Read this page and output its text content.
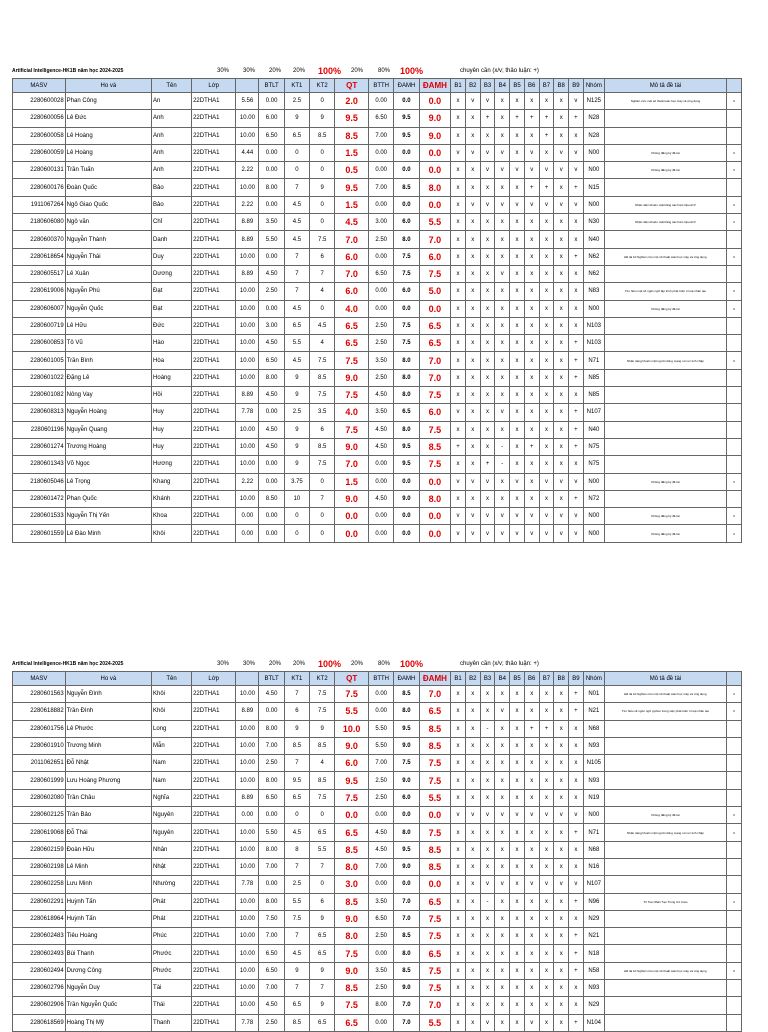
Artificial Intelligence-HK1B năm học 2024-2025	30% 30% 20% 20% 100% 20% 80% 100%	chuyên cần (x/v; thảo luận: +)
MASV	Ho và	Tên	Lớp		BTLT	KT1	KT2	QT	BTTH	ĐAMH	ĐAMH	B1	B2	B3	B4	B5	B6	B7	B8	B9	Nhóm	Mô tả đề tài	
2280600028	Phan Công	An	22DTHA1	5.56	0.00	2.5	0	2.0	0.00	0.0	0.0	x	v	v	x	x	x	x	x	v	N125	Nghiên cứu một số thuật toán học máy và ứng dụng	0
2280600056	Lê Đức	Anh	22DTHA1	10.00	6.00	9	9	9.5	6.50	9.5	9.0	x	x	+	x	+	+	+	x	+	N28		
2280600058	Lê Hoàng	Anh	22DTHA1	10.00	6.50	6.5	8.5	8.5	7.00	9.5	9.0	x	x	x	x	x	x	+	x	x	N28		
2280600059	Lê Hoàng	Anh	22DTHA1	4.44	0.00	0	0	1.5	0.00	0.0	0.0	v	v	v	v	x	v	x	v	v	N00	Không đăng ký đề tài	0
2280600131	Trần Tuấn	Anh	22DTHA1	2.22	0.00	0	0	0.5	0.00	0.0	0.0	x	x	v	v	v	v	v	v	v	N00	Không đăng ký đề tài	0
2280600176	Đoàn Quốc	Bảo	22DTHA1	10.00	8.00	7	9	9.5	7.00	8.5	8.0	x	x	x	x	x	+	+	x	+	N15		
1911067264	Ngô Giao Quốc	Bảo	22DTHA1	2.22	0.00	4.5	0	1.5	0.00	0.0	0.0	x	v	v	v	v	v	v	v	v	N00	Nhận diện khuôn mặt bằng các hàm OpenCV	0
2180606080	Ngô văn	Chỉ	22DTHA1	8.89	3.50	4.5	0	4.5	3.00	6.0	5.5	x	x	x	x	x	x	x	x	x	N30	Nhận diện khuôn mặt bằng các hàm OpenCV	0
2280600370	Nguyễn Thành	Danh	22DTHA1	8.89	5.50	4.5	7.5	7.0	2.50	8.0	7.0	x	x	x	x	x	x	x	x	x	N40		
2280618654	Nguyễn Thái	Duy	22DTHA1	10.00	0.00	7	6	6.0	0.00	7.5	6.0	x	x	x	x	x	x	x	x	+	N62	Đề tài 10 Nghiên cứu một số thuật toán học máy và ứng dụng	0
2280605517	Lê Xuân	Dương	22DTHA1	8.89	4.50	7	7	7.0	6.50	7.5	7.5	x	x	x	v	x	x	x	x	x	N62		
2280619006	Nguyễn Phú	Đạt	22DTHA1	10.00	2.50	7	4	6.0	0.00	6.0	5.0	x	x	x	x	x	x	x	x	x	N83	Tìm hiểu một số ngôn ngữ lập trình phát triển trí tuệ nhân tạo	0
2280606007	Nguyễn Quốc	Đạt	22DTHA1	10.00	0.00	4.5	0	4.0	0.00	0.0	0.0	x	x	x	x	x	x	x	x	x	N00	Không đăng ký đề tài	0
2280600719	Lê Hữu	Đức	22DTHA1	10.00	3.00	6.5	4.5	6.5	2.50	7.5	6.5	x	x	x	x	x	x	x	x	x	N103		
2280600853	Tô Vũ	Hào	22DTHA1	10.00	4.50	5.5	4	6.5	2.50	7.5	6.5	x	x	x	x	x	x	x	x	+	N103		
2280601005	Trần Bình	Hòa	22DTHA1	10.00	6.50	4.5	7.5	7.5	3.50	8.0	7.0	x	x	x	x	x	x	x	x	+	N71	Nhận dạng khuôn mặt người dùng mạng nơ ron tích chập	0
2280601022	Đặng Lê	Hoàng	22DTHA1	10.00	8.00	9	8.5	9.0	2.50	8.0	7.0	x	x	x	x	x	x	x	x	+	N85		
2280601082	Nông Vay	Hồi	22DTHA1	8.89	4.50	9	7.5	7.5	4.50	8.0	7.5	x	x	x	x	x	x	x	x	x	N85		
2280608313	Nguyễn Hoàng	Huy	22DTHA1	7.78	0.00	2.5	3.5	4.0	3.50	6.5	6.0	v	x	x	v	x	x	x	x	+	N107		
2280601196	Nguyễn Quang	Huy	22DTHA1	10.00	4.50	9	6	7.5	4.50	8.0	7.5	x	x	x	x	x	x	x	x	+	N40		
2280601274	Trương Hoàng	Huy	22DTHA1	10.00	4.50	9	8.5	9.0	4.50	9.5	8.5	+	x	x	-	x	+	x	x	+	N75		
2280601343	Võ Ngọc	Hương	22DTHA1	10.00	0.00	9	7.5	7.0	0.00	9.5	7.5	x	x	+	-	x	x	x	x	x	N75		
2180605046	Lê Trọng	Khang	22DTHA1	2.22	0.00	3.75	0	1.5	0.00	0.0	0.0	v	v	v	x	v	x	v	v	v	N00	Không đăng ký đề tài	0
2280601472	Phan Quốc	Khánh	22DTHA1	10.00	8.50	10	7	9.0	4.50	9.0	8.0	x	x	x	x	x	x	x	x	+	N72		
2280601533	Nguyễn Thị Yến	Khoa	22DTHA1	0.00	0.00	0	0	0.0	0.00	0.0	0.0	v	v	v	v	v	v	v	v	v	N00	Không đăng ký đề tài	0
2280601559	Lê Đào Minh	Khôi	22DTHA1	0.00	0.00	0	0	0.0	0.00	0.0	0.0	v	v	v	v	v	v	v	v	v	N00	Không đăng ký đề tài	0
Artificial Intelligence-HK1B năm học 2024-2025	30% 30% 20% 20% 100% 20% 80% 100%	chuyên cần (x/v; thảo luận: +)
MASV	Ho và	Tên	Lớp		BTLT	KT1	KT2	QT	BTTH	ĐAMH	ĐAMH	B1	B2	B3	B4	B5	B6	B7	B8	B9	Nhóm	Mô tả đề tài	
2280601563	Nguyễn Đình	Khôi	22DTHA1	10.00	4.50	7	7.5	7.5	0.00	8.5	7.0	x	x	x	x	x	x	x	x	+	N01	Đề tài 10 Nghiên cứu một số thuật toán học máy và ứng dụng	0
2280618882	Trần Đình	Khôi	22DTHA1	8.89	0.00	6	7.5	5.5	0.00	8.0	6.5	x	x	x	v	x	x	x	x	+	N21	Tìm hiểu về ngôn ngữ python trong việc phát triển trí tuệ nhân tạo	0
2280601756	Lê Phước	Long	22DTHA1	10.00	8.00	9	9	10.0	5.50	9.5	8.5	x	x	-	x	x	+	+	x	x	N68		
2280601910	Trương Minh	Mẫn	22DTHA1	10.00	7.00	8.5	8.5	9.0	5.50	9.0	8.5	x	x	x	x	x	x	x	x	x	N93		
2011062651	Đỗ Nhật	Nam	22DTHA1	10.00	2.50	7	4	6.0	7.00	7.5	7.5	x	x	x	x	x	x	x	x	x	N105		
2280601999	Lưu Hoàng Phương	Nam	22DTHA1	10.00	8.00	9.5	8.5	9.5	2.50	9.0	7.5	x	x	x	x	x	x	x	x	x	N93		
2280602080	Trần Châu	Nghĩa	22DTHA1	8.89	6.50	6.5	7.5	7.5	2.50	6.0	5.5	x	x	x	x	x	x	x	x	x	N19		
2280602125	Trần Bảo	Nguyên	22DTHA1	0.00	0.00	0	0	0.0	0.00	0.0	0.0	v	v	v	v	v	v	v	v	v	N00	Không đăng ký đề tài	0
2280619068	Đỗ Thái	Nguyên	22DTHA1	10.00	5.50	4.5	6.5	6.5	4.50	8.0	7.5	x	x	x	x	x	x	x	x	+	N71	Nhận dạng khuôn mặt người dùng mạng nơ ron tích chập	0
2280602159	Đoàn Hữu	Nhân	22DTHA1	10.00	8.00	8	5.5	8.5	4.50	9.5	8.5	x	x	x	x	x	x	x	x	x	N68		
2280602198	Lê Minh	Nhật	22DTHA1	10.00	7.00	7	7	8.0	7.00	9.0	8.5	x	x	x	x	x	x	x	x	x	N16		
2280602258	Lưu Minh	Nhường	22DTHA1	7.78	0.00	2.5	0	3.0	0.00	0.0	0.0	x	x	v	v	x	v	v	v	v	N107		
2280602291	Huỳnh Tấn	Phát	22DTHA1	10.00	8.00	5.5	6	8.5	3.50	7.0	6.5	x	x	-	x	x	x	x	x	+	N96	Trí Tuệ Nhân Tạo Trong Cờ Caro	0
2280618964	Huỳnh Tấn	Phát	22DTHA1	10.00	7.50	7.5	9	9.0	6.50	7.0	7.5	x	x	x	x	x	x	x	x	x	N29		
2280602483	Tiêu Hoàng	Phúc	22DTHA1	10.00	7.00	7	6.5	8.0	2.50	8.5	7.5	x	x	x	x	x	x	x	x	+	N21		
2280602493	Bùi Thanh	Phước	22DTHA1	10.00	6.50	4.5	6.5	7.5	0.00	8.0	6.5	x	x	x	x	x	x	x	x	+	N18		
2280602494	Dương Công	Phước	22DTHA1	10.00	6.50	9	9	9.0	3.50	8.5	7.5	x	x	x	x	x	x	x	x	+	N58	Đề tài 10 Nghiên cứu một số thuật toán học máy và ứng dụng	0
2280602796	Nguyễn Duy	Tài	22DTHA1	10.00	7.00	7	7	8.5	2.50	9.0	7.5	x	x	x	x	x	x	x	x	x	N93		
2280602906	Trần Nguyễn Quốc	Thái	22DTHA1	10.00	4.50	6.5	9	7.5	8.00	7.0	7.0	x	x	x	x	x	x	x	x	x	N29		
2280618569	Hoàng Thị Mỹ	Thanh	22DTHA1	7.78	2.50	8.5	6.5	6.5	0.00	7.0	5.5	x	x	v	x	x	v	x	x	+	N104		
